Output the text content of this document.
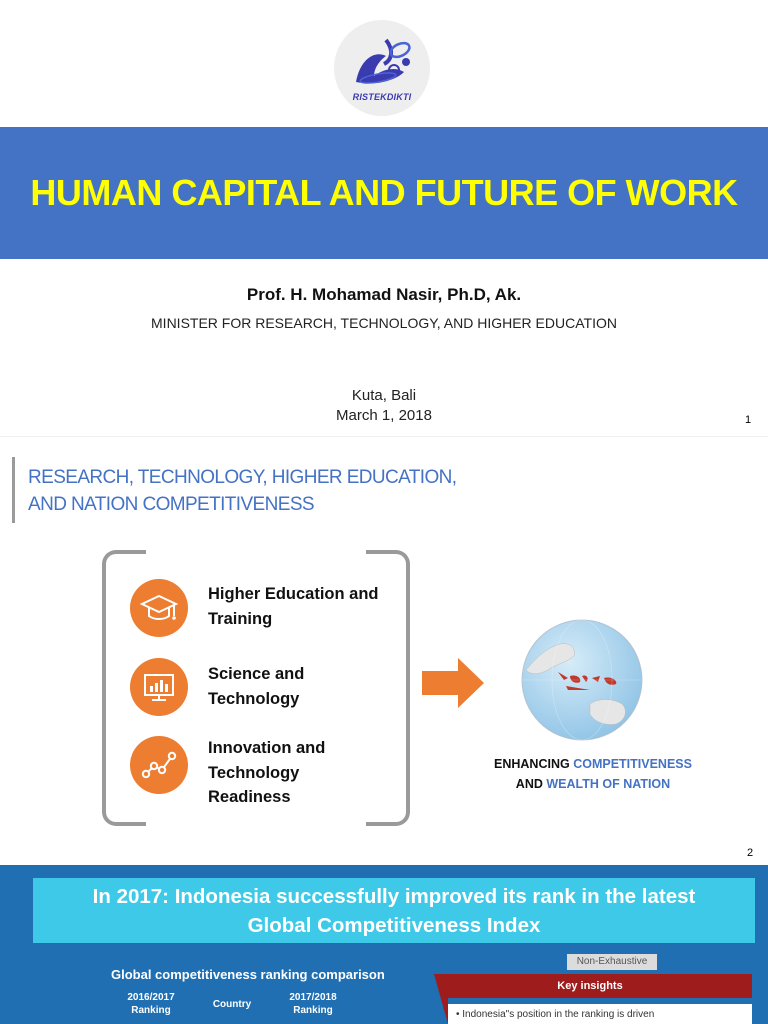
RISTEKDIKTI
HUMAN CAPITAL AND FUTURE OF WORK
Prof. H. Mohamad Nasir, Ph.D, Ak.
MINISTER FOR RESEARCH, TECHNOLOGY, AND HIGHER EDUCATION
Kuta, Bali
March 1, 2018	1
RESEARCH, TECHNOLOGY, HIGHER EDUCATION,
AND NATION COMPETITIVENESS
Higher Education and
Training
Science and
Technology
Innovation and
Technology
Readiness
ENHANCING COMPETITIVENESS
AND WEALTH OF NATION
2
In 2017: Indonesia successfully improved its rank in the latest
Global Competitiveness Index
Non-Exhaustive
Global competitiveness ranking comparison
2016/2017
Ranking
Country
2017/2018
Ranking
Key insights
• Indonesia"s position in the ranking is driven
